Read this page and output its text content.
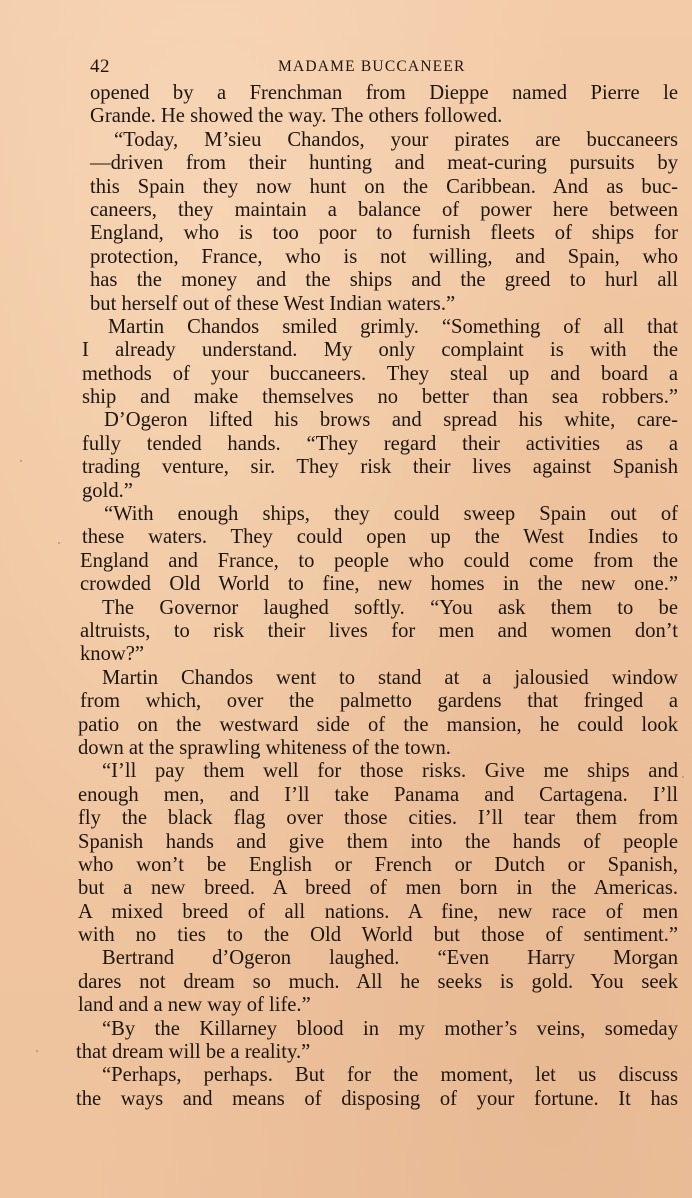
42	MADAME BUCCANEER
opened by a Frenchman from Dieppe named Pierre le
Grande. He showed the way. The others followed.
“Today, M’sieu Chandos, your pirates are buccaneers
—driven from their hunting and meat-curing pursuits by
this Spain they now hunt on the Caribbean. And as buc-
caneers, they maintain a balance of power here between
England, who is too poor to furnish fleets of ships for
protection, France, who is not willing, and Spain, who
has the money and the ships and the greed to hurl all
but herself out of these West Indian waters.”
Martin Chandos smiled grimly. “Something of all that
I already understand. My only complaint is with the
methods of your buccaneers. They steal up and board a
ship and make themselves no better than sea robbers.”
D’Ogeron lifted his brows and spread his white, care-
fully tended hands. “They regard their activities as a
trading venture, sir. They risk their lives against Spanish
gold.”
“With enough ships, they could sweep Spain out of
these waters. They could open up the West Indies to
England and France, to people who could come from the
crowded Old World to fine, new homes in the new one.”
The Governor laughed softly. “You ask them to be
altruists, to risk their lives for men and women don’t
know?”
Martin Chandos went to stand at a jalousied window
from which, over the palmetto gardens that fringed a
patio on the westward side of the mansion, he could look
down at the sprawling whiteness of the town.
“I’ll pay them well for those risks. Give me ships and
enough men, and I’ll take Panama and Cartagena. I’ll
fly the black flag over those cities. I’ll tear them from
Spanish hands and give them into the hands of people
who won’t be English or French or Dutch or Spanish,
but a new breed. A breed of men born in the Americas.
A mixed breed of all nations. A fine, new race of men
with no ties to the Old World but those of sentiment.”
Bertrand d’Ogeron laughed. “Even Harry Morgan
dares not dream so much. All he seeks is gold. You seek
land and a new way of life.”
“By the Killarney blood in my mother’s veins, someday
that dream will be a reality.”
“Perhaps, perhaps. But for the moment, let us discuss
the ways and means of disposing of your fortune. It has
